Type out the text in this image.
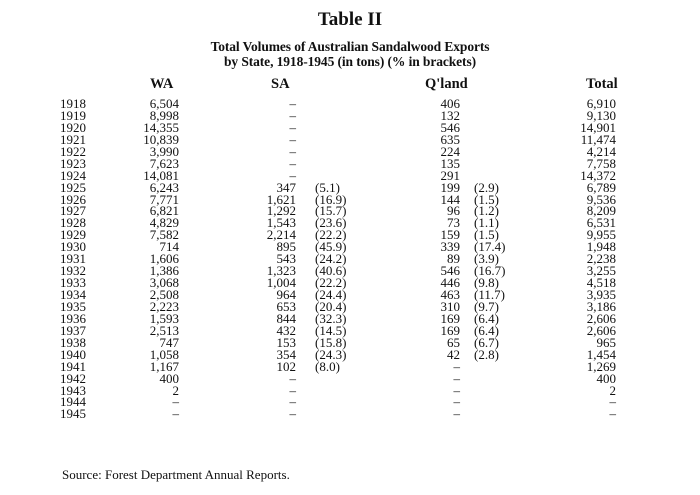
Table II
Total Volumes of Australian Sandalwood Exports
by State, 1918-1945 (in tons) (% in brackets)
WA	SA	Q'land	Total
1918	6,504	–	406	6,910
1919	8,998	–	132	9,130
1920	14,355	–	546	14,901
1921	10,839	–	635	11,474
1922	3,990	–	224	4,214
1923	7,623	–	135	7,758
1924	14,081	–	291	14,372
1925	6,243	347 (5.1)	199 (2.9)	6,789
1926	7,771	1,621 (16.9)	144 (1.5)	9,536
1927	6,821	1,292 (15.7)	96 (1.2)	8,209
1928	4,829	1,543 (23.6)	73 (1.1)	6,531
1929	7,582	2,214 (22.2)	159 (1.5)	9,955
1930	714	895 (45.9)	339 (17.4)	1,948
1931	1,606	543 (24.2)	89 (3.9)	2,238
1932	1,386	1,323 (40.6)	546 (16.7)	3,255
1933	3,068	1,004 (22.2)	446 (9.8)	4,518
1934	2,508	964 (24.4)	463 (11.7)	3,935
1935	2,223	653 (20.4)	310 (9.7)	3,186
1936	1,593	844 (32.3)	169 (6.4)	2,606
1937	2,513	432 (14.5)	169 (6.4)	2,606
1938	747	153 (15.8)	65 (6.7)	965
1940	1,058	354 (24.3)	42 (2.8)	1,454
1941	1,167	102 (8.0)	–	1,269
1942	400	–	–	400
1943	2	–	–	2
1944	–	–	–	–
1945	–	–	–	–
Source: Forest Department Annual Reports.
